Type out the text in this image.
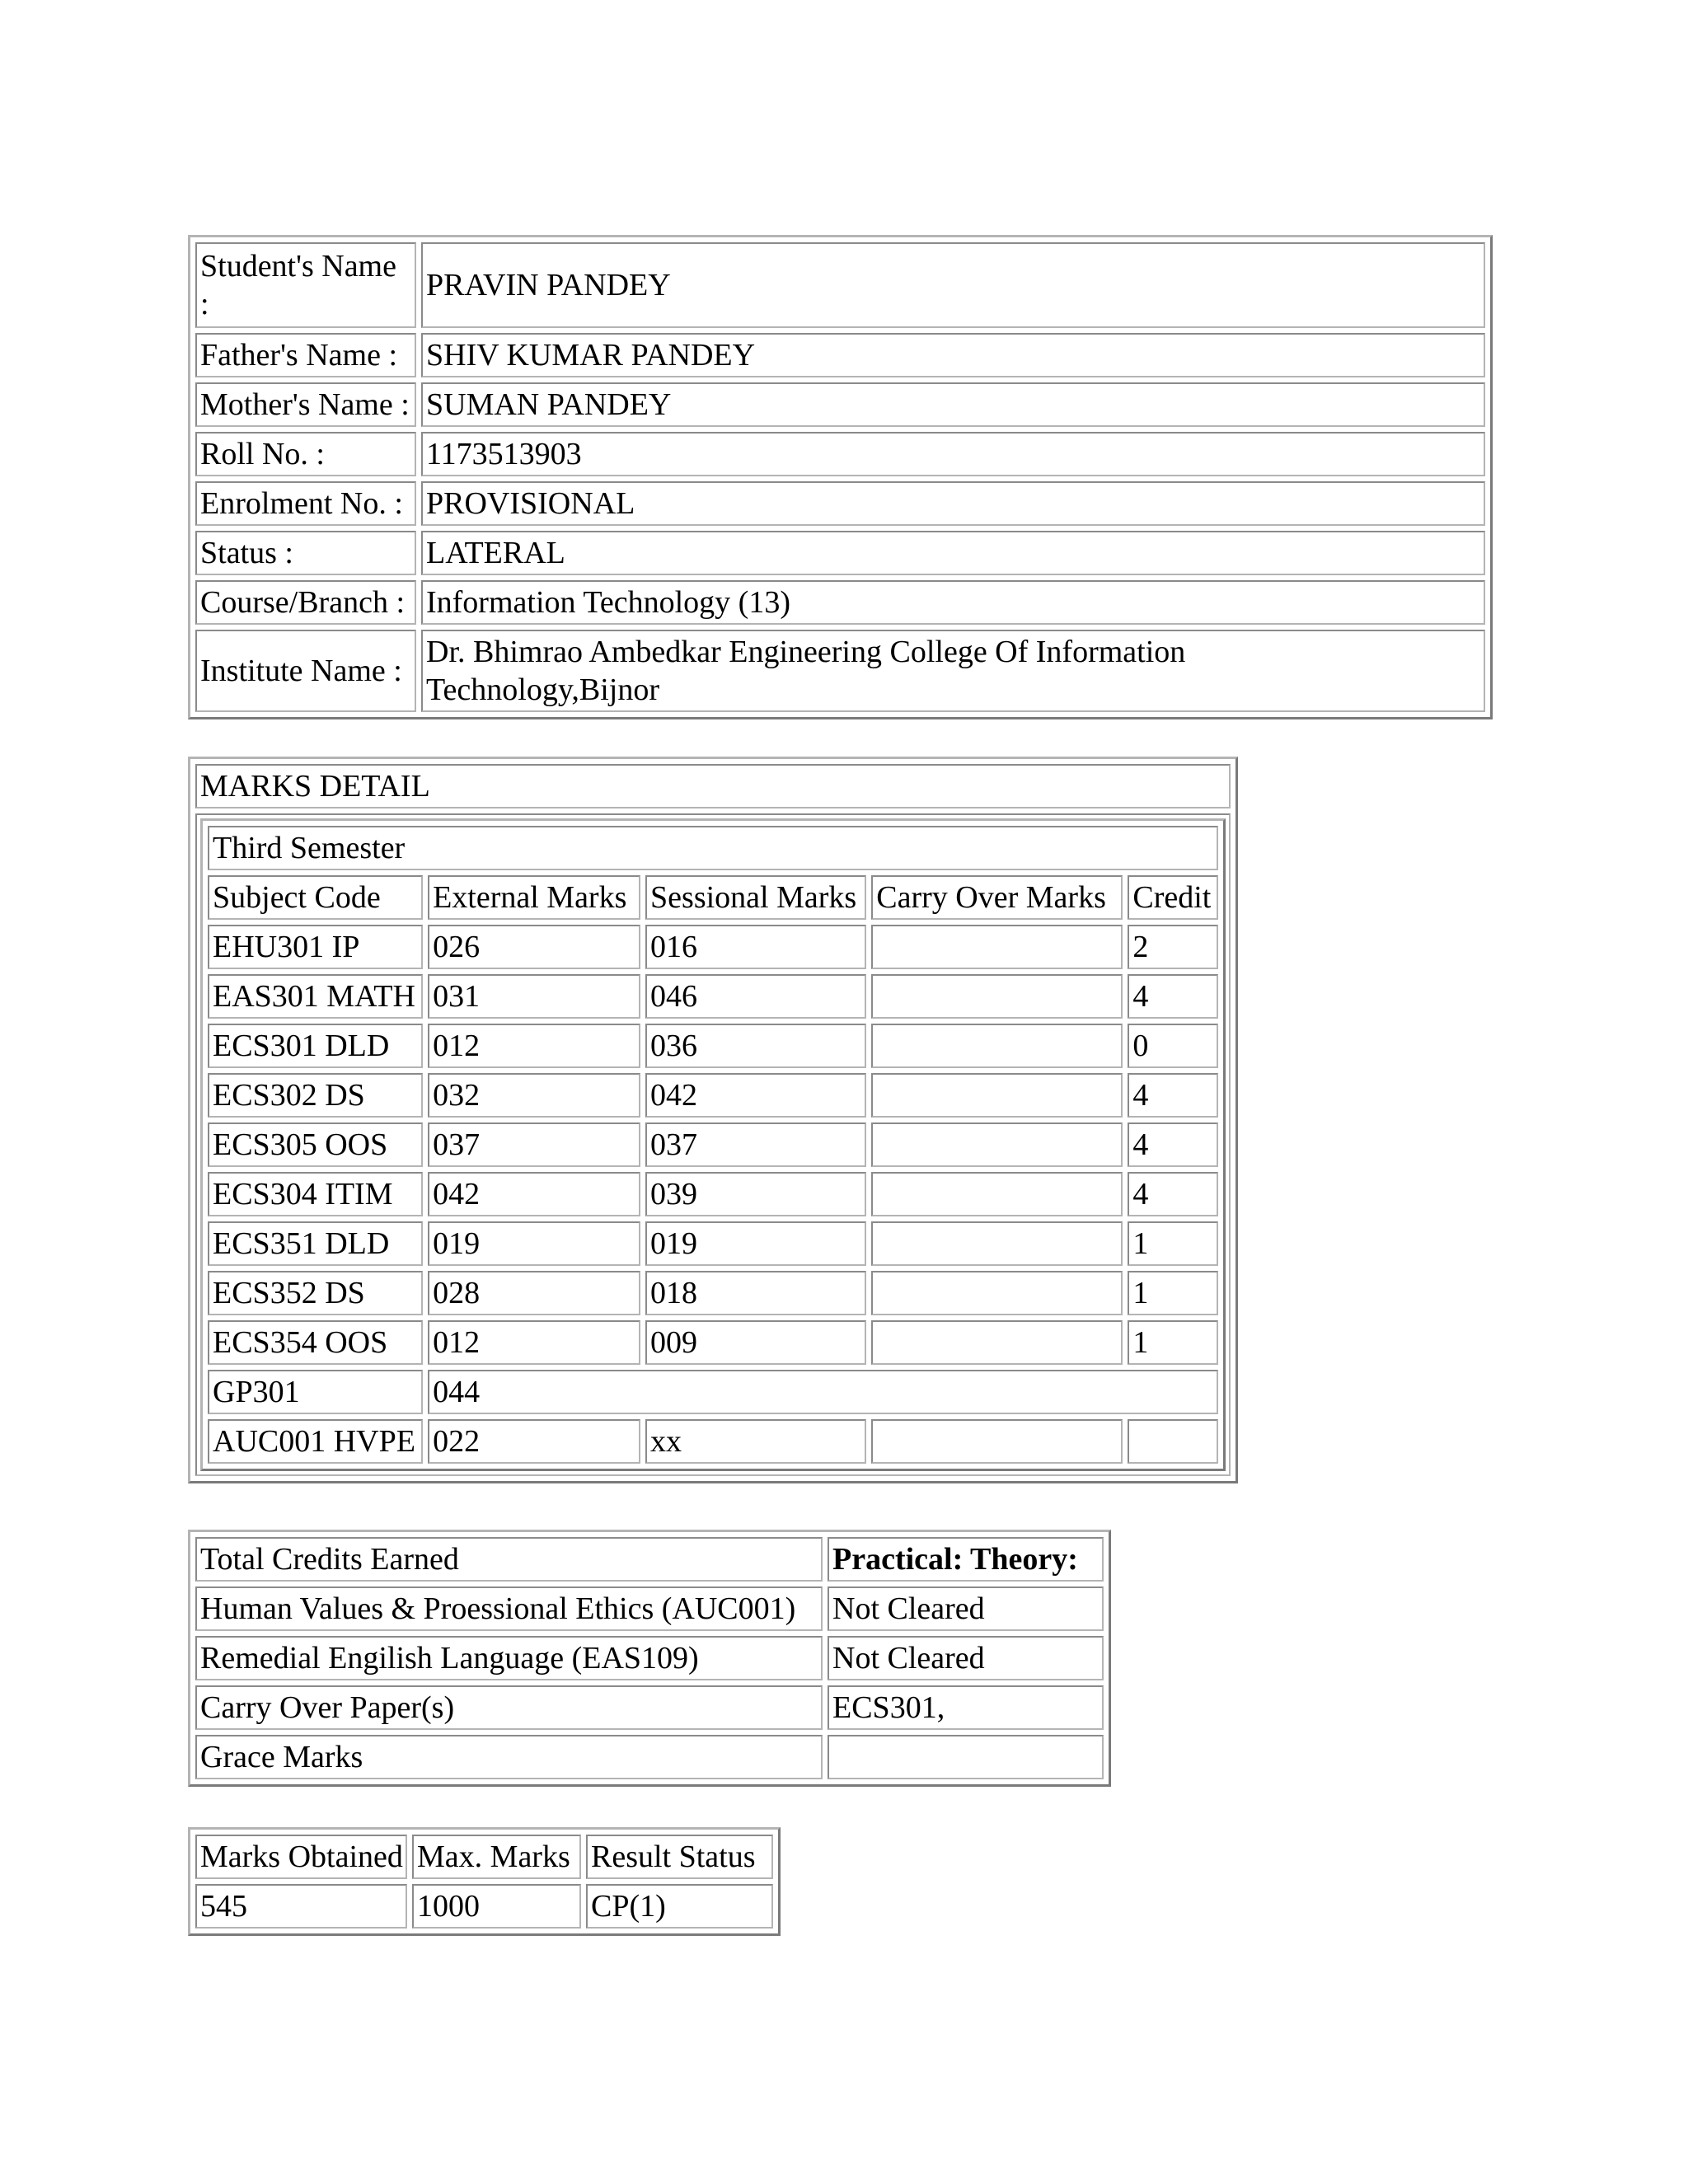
Student's Name :	PRAVIN PANDEY
Father's Name :	SHIV KUMAR PANDEY
Mother's Name :	SUMAN PANDEY
Roll No. :	1173513903
Enrolment No. :	PROVISIONAL
Status :	LATERAL
Course/Branch :	Information Technology (13)
Institute Name :	Dr. Bhimrao Ambedkar Engineering College Of Information Technology,Bijnor
MARKS DETAIL

Third Semester
Subject Code	External Marks	Sessional Marks	Carry Over Marks	Credit
EHU301 IP	026	016		2
EAS301 MATH	031	046		4
ECS301 DLD	012	036		0
ECS302 DS	032	042		4
ECS305 OOS	037	037		4
ECS304 ITIM	042	039		4
ECS351 DLD	019	019		1
ECS352 DS	028	018		1
ECS354 OOS	012	009		1
GP301	044
AUC001 HVPE	022	xx		
Total Credits Earned	Practical: Theory:
Human Values & Proessional Ethics (AUC001)	Not Cleared
Remedial Engilish Language (EAS109)	Not Cleared
Carry Over Paper(s)	ECS301,
Grace Marks	
Marks Obtained	Max. Marks	Result Status
545	1000	CP(1)
